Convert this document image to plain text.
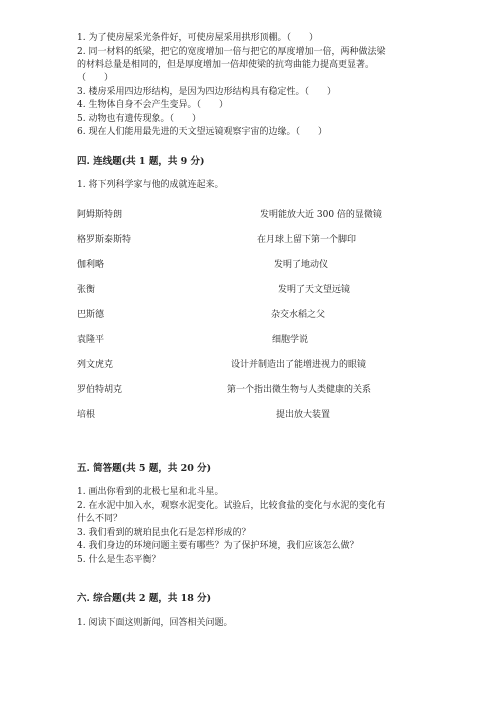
1. 为了使房屋采光条件好，可使房屋采用拱形顶棚。（　　）
2. 同一材料的纸梁，把它的宽度增加一倍与把它的厚度增加一倍，两种做法梁
的材料总量是相同的，但是厚度增加一倍却使梁的抗弯曲能力提高更显著。
（　　）
3. 楼房采用四边形结构，是因为四边形结构具有稳定性。（　　）
4. 生物体自身不会产生变异。（　　）
5. 动物也有遗传现象。（　　）
6. 现在人们能用最先进的天文望远镜观察宇宙的边缘。（　　）
四. 连线题(共 1 题，共 9 分)
1. 将下列科学家与他的成就连起来。
阿姆斯特朗
格罗斯泰斯特
伽利略
张衡
巴斯德
袁隆平
列文虎克
罗伯特胡克
培根
发明能放大近 300 倍的显微镜
在月球上留下第一个脚印
发明了地动仪
发明了天文望远镜
杂交水稻之父
细胞学说
设计并制造出了能增进视力的眼镜
第一个指出微生物与人类健康的关系
提出放大装置
五. 简答题(共 5 题，共 20 分)
1. 画出你看到的北极七星和北斗星。
2. 在水泥中加入水，观察水泥变化。试验后，比较食盐的变化与水泥的变化有
什么不同？
3. 我们看到的琥珀昆虫化石是怎样形成的？
4. 我们身边的环境问题主要有哪些？为了保护环境，我们应该怎么做？
5. 什么是生态平衡？
六. 综合题(共 2 题，共 18 分)
1. 阅读下面这则新闻，回答相关问题。
